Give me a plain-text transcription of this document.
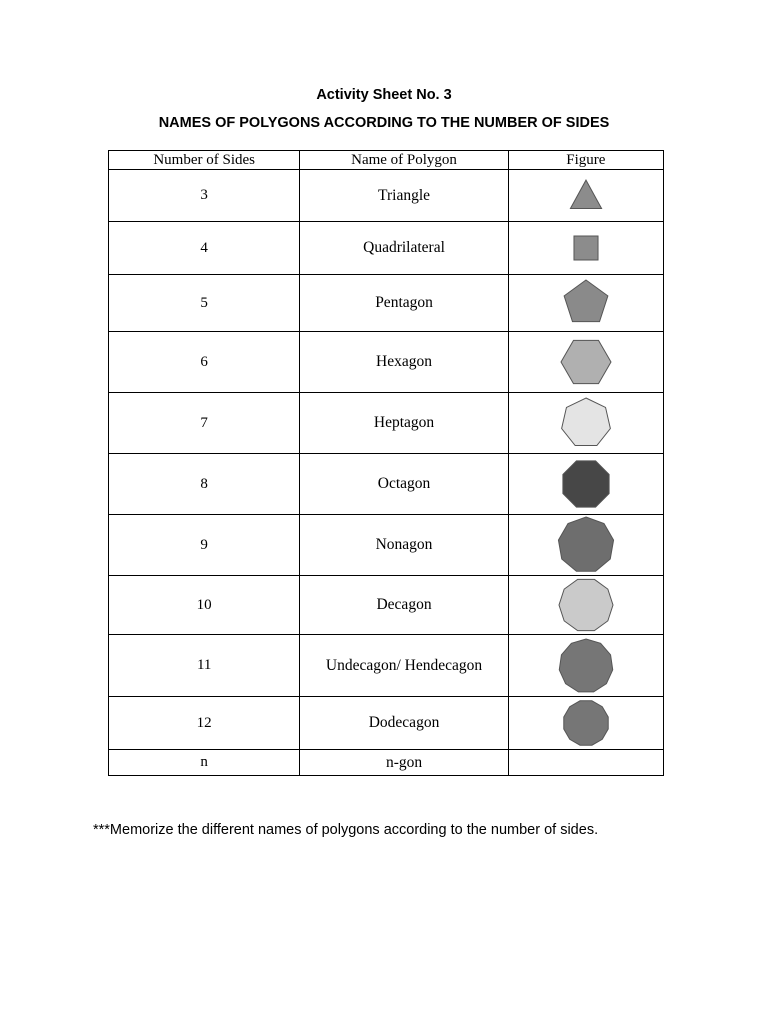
Activity Sheet No. 3
NAMES OF POLYGONS ACCORDING TO THE NUMBER OF SIDES
Number of Sides	Name of Polygon	Figure
3	Triangle	

4	Quadrilateral	

5	Pentagon	

6	Hexagon	

7	Heptagon	

8	Octagon	

9	Nonagon	

10	Decagon	

11	Undecagon/ Hendecagon	

12	Dodecagon	

n	n-gon	
***Memorize the different names of polygons according to the number of sides.
